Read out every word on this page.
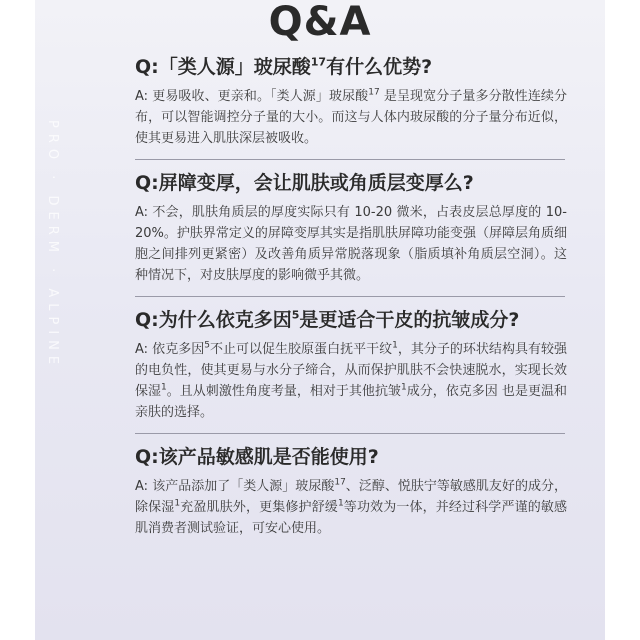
PRO · DERM · ALPINE
Q&A

Q:「类人源」玻尿酸$^{17}$有什么优势?

A: 更易吸收、更亲和。「类人源」玻尿酸$^{17}$ 是呈现宽分子量多分散性连续分布，可以智能调控分子量的大小。而这与人体内玻尿酸的分子量分布近似，使其更易进入肌肤深层被吸收。

Q:屏障变厚，会让肌肤或角质层变厚么?

A: 不会，肌肤角质层的厚度实际只有 10-20 微米，占表皮层总厚度的 10-20%。护肤界常定义的屏障变厚其实是指肌肤屏障功能变强（屏障层角质细胞之间排列更紧密）及改善角质异常脱落现象（脂质填补角质层空洞）。这种情况下，对皮肤厚度的影响微乎其微。

Q:为什么依克多因$^5$是更适合干皮的抗皱成分?

A: 依克多因$^5$不止可以促生胶原蛋白抚平干纹$^1$，其分子的环状结构具有较强的电负性，使其更易与水分子缔合，从而保护肌肤不会快速脱水，实现长效保湿$^1$。且从刺激性角度考量，相对于其他抗皱$^1$成分，依克多因 也是更温和亲肤的选择。

Q:该产品敏感肌是否能使用?

A: 该产品添加了「类人源」玻尿酸$^{17}$、泛醇、悦肤宁等敏感肌友好的成分，除保湿$^1$充盈肌肤外，更集修护舒缓$^1$等功效为一体，并经过科学严谨的敏感肌消费者测试验证，可安心使用。
